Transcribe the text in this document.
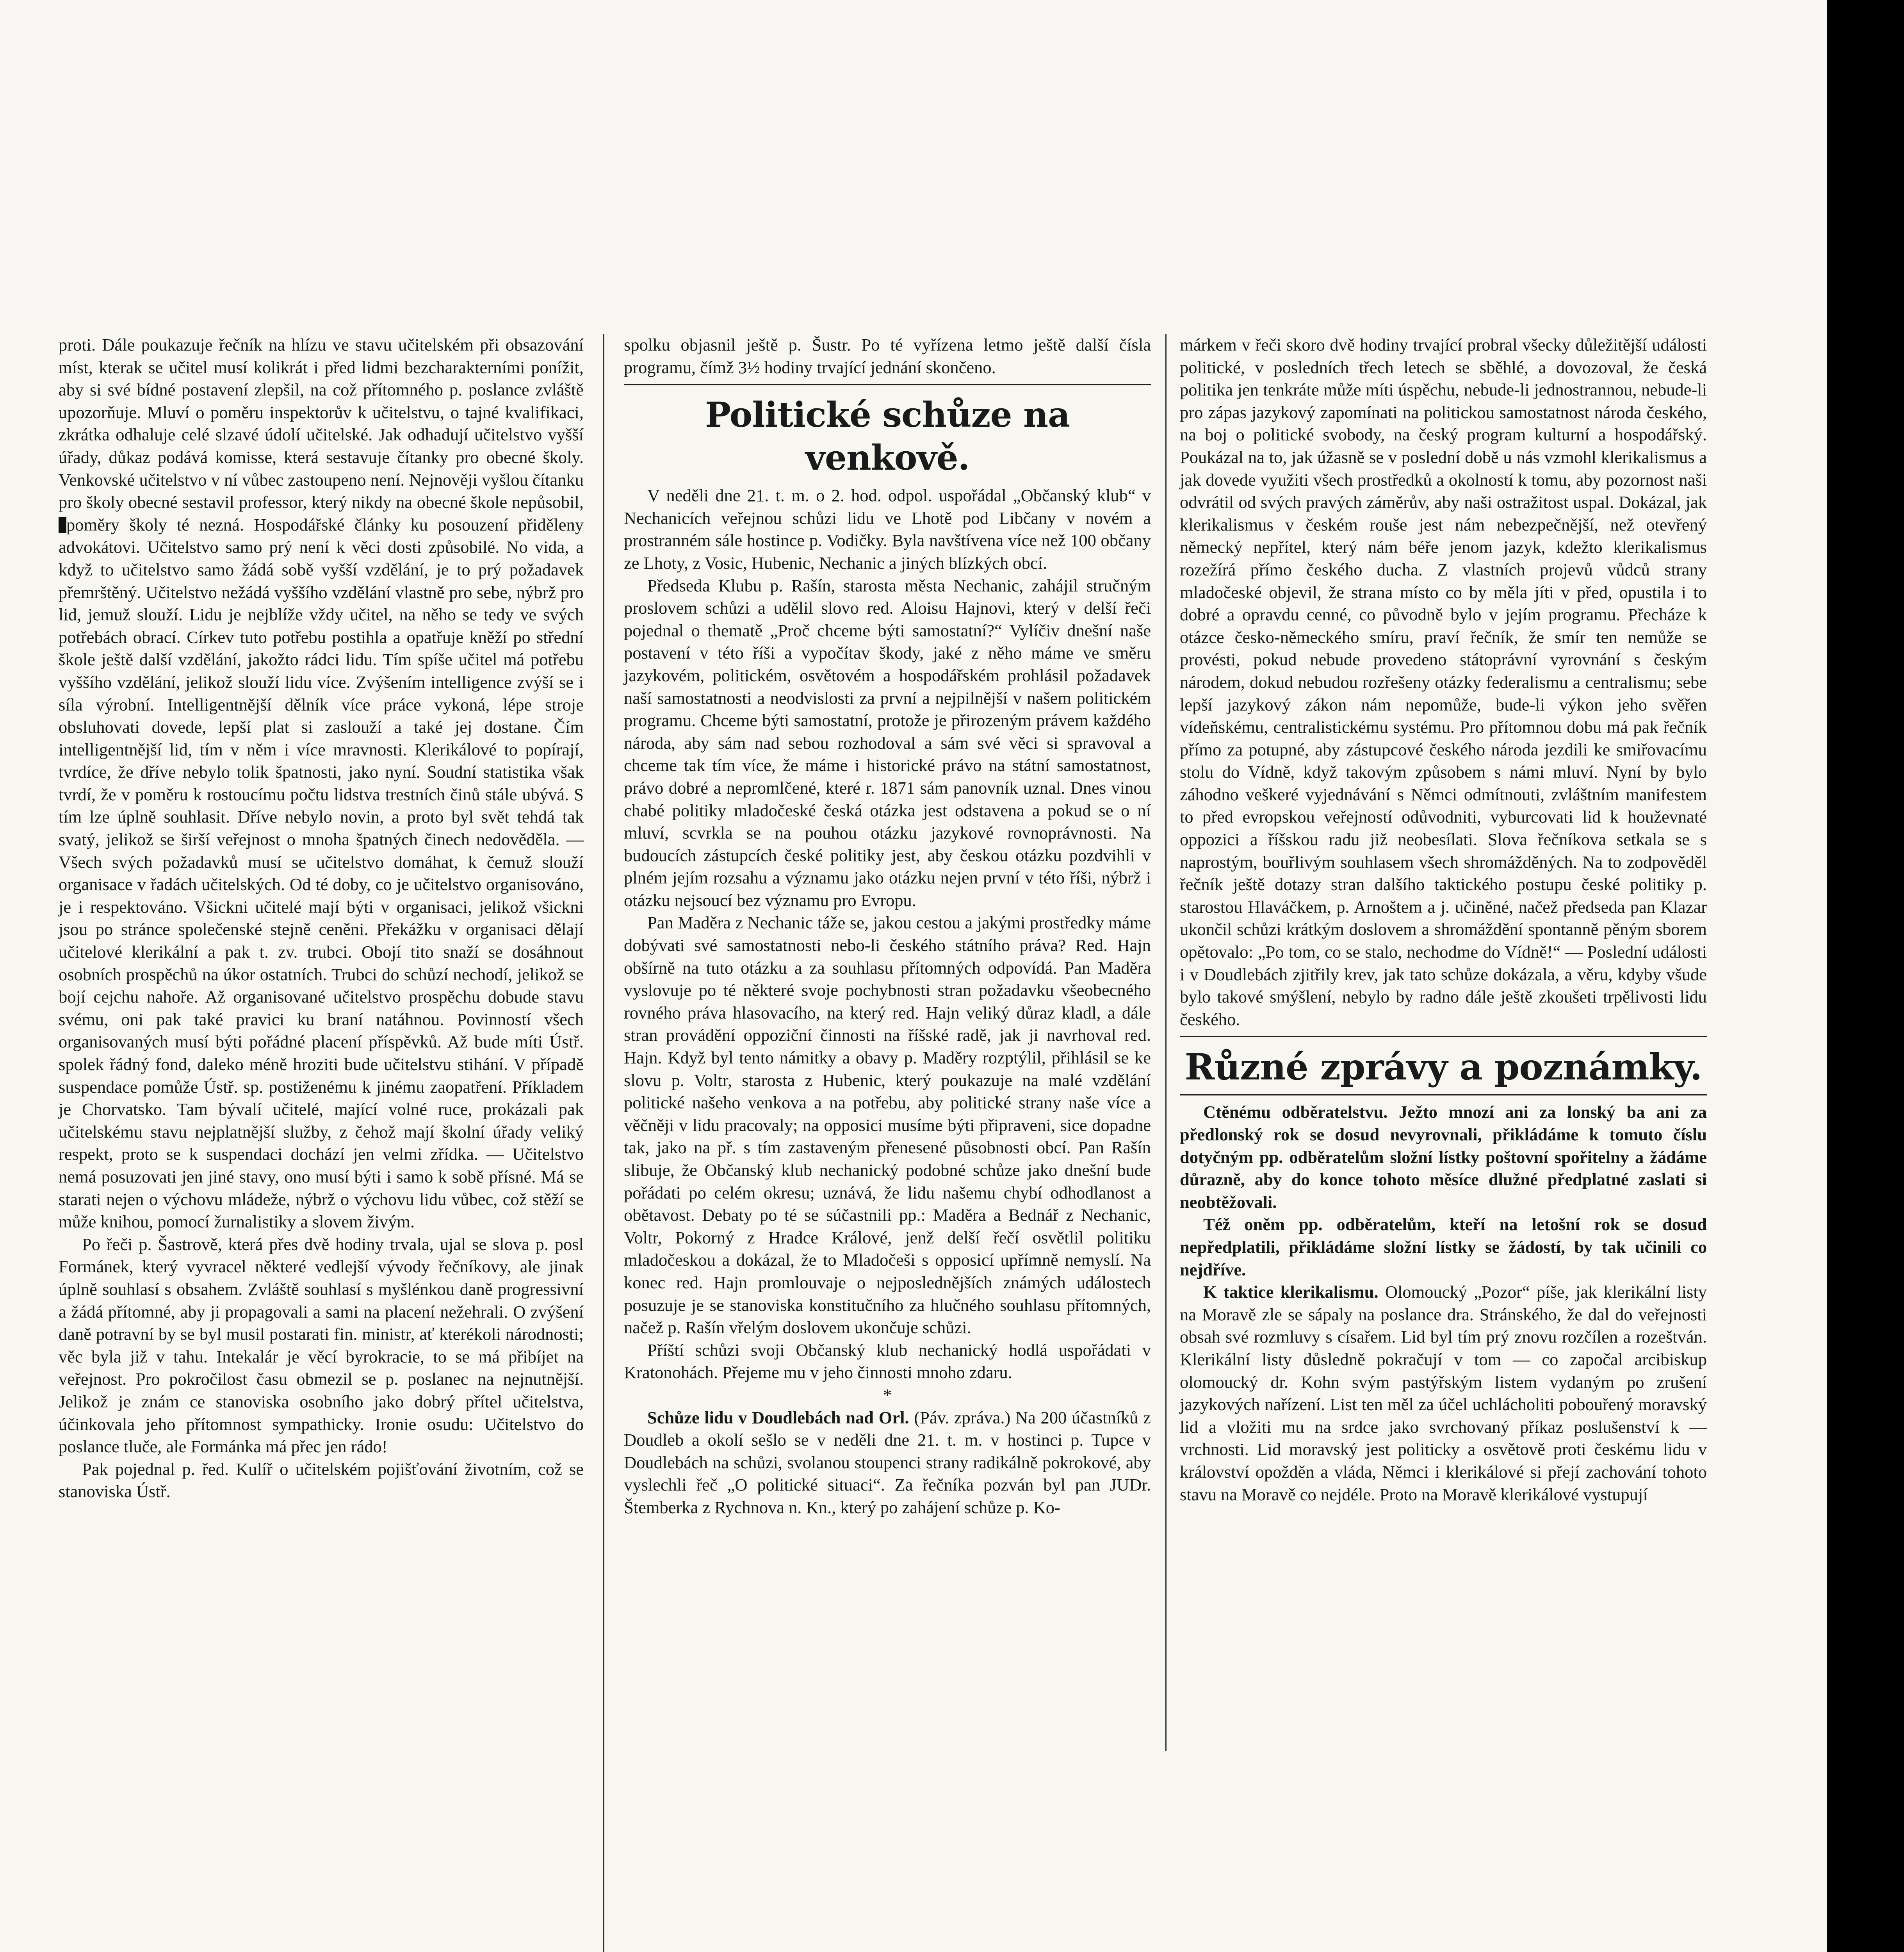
proti. Dále poukazuje řečník na hlízu ve stavu učitelském při obsazování míst, kterak se učitel musí kolikrát i před lidmi bezcharakterními ponížit, aby si své bídné postavení zlepšil, na což přítomného p. poslance zvláště upozorňuje. Mluví o poměru inspektorův k učitelstvu, o tajné kvalifikaci, zkrátka odhaluje celé slzavé údolí učitelské. Jak odhadují učitelstvo vyšší úřady, důkaz podává komisse, která sestavuje čítanky pro obecné školy. Venkovské učitelstvo v ní vůbec zastoupeno není. Nejnověji vyšlou čítanku pro školy obecné sestavil professor, který nikdy na obecné škole nepůsobil,poměry školy té nezná. Hospodářské články ku posouzení přiděleny advokátovi. Učitelstvo samo prý není k věci dosti způsobilé. No vida, a když to učitelstvo samo žádá sobě vyšší vzdělání, je to prý požadavek přemrštěný. Učitelstvo nežádá vyššího vzdělání vlastně pro sebe, nýbrž pro lid, jemuž slouží. Lidu je nejblíže vždy učitel, na něho se tedy ve svých potřebách obrací. Církev tuto potřebu postihla a opatřuje kněží po střední škole ještě další vzdělání, jakožto rádci lidu. Tím spíše učitel má potřebu vyššího vzdělání, jelikož slouží lidu více. Zvýšením intelligence zvýší se i síla výrobní. Intelligentnější dělník více práce vykoná, lépe stroje obsluhovati dovede, lepší plat si zaslouží a také jej dostane. Čím intelligentnější lid, tím v něm i více mravnosti. Klerikálové to popírají, tvrdíce, že dříve nebylo tolik špatnosti, jako nyní. Soudní statistika však tvrdí, že v poměru k rostoucímu počtu lidstva trestních činů stále ubývá. S tím lze úplně souhlasit. Dříve nebylo novin, a proto byl svět tehdá tak svatý, jelikož se širší veřejnost o mnoha špatných činech nedověděla. — Všech svých požadavků musí se učitelstvo domáhat, k čemuž slouží organisace v řadách učitelských. Od té doby, co je učitelstvo organisováno, je i respektováno. Všickni učitelé mají býti v organisaci, jelikož všickni jsou po stránce společenské stejně ceněni. Překážku v organisaci dělají učitelové klerikální a pak t. zv. trubci. Obojí tito snaží se dosáhnout osobních prospěchů na úkor ostatních. Trubci do schůzí nechodí, jelikož se bojí cejchu nahoře. Až organisované učitelstvo prospěchu dobude stavu svému, oni pak také pravici ku braní natáhnou. Povinností všech organisovaných musí býti pořádné placení příspěvků. Až bude míti Ústř. spolek řádný fond, daleko méně hroziti bude učitelstvu stihání. V případě suspendace pomůže Ústř. sp. postiženému k jinému zaopatření. Příkladem je Chorvatsko. Tam bývalí učitelé, mající volné ruce, prokázali pak učitelskému stavu nejplatnější služby, z čehož mají školní úřady veliký respekt, proto se k suspendaci dochází jen velmi zřídka. — Učitelstvo nemá posuzovati jen jiné stavy, ono musí býti i samo k sobě přísné. Má se starati nejen o výchovu mládeže, nýbrž o výchovu lidu vůbec, což stěží se může knihou, pomocí žurnalistiky a slovem živým.

Po řeči p. Šastrově, která přes dvě hodiny trvala, ujal se slova p. posl Formánek, který vyvracel některé vedlejší vývody řečníkovy, ale jinak úplně souhlasí s obsahem. Zvláště souhlasí s myšlénkou daně progressivní a žádá přítomné, aby ji propagovali a sami na placení nežehrali. O zvýšení daně potravní by se byl musil postarati fin. ministr, ať kterékoli národnosti; věc byla již v tahu. Intekalár je věcí byrokracie, to se má přibíjet na veřejnost. Pro pokročilost času obmezil se p. poslanec na nejnutnější. Jelikož je znám ce stanoviska osobního jako dobrý přítel učitelstva, účinkovala jeho přítomnost sympathicky. Ironie osudu: Učitelstvo do poslance tluče, ale Formánka má přec jen rádo!

Pak pojednal p. řed. Kulíř o učitelském pojišťování životním, což se stanoviska Ústř.

spolku objasnil ještě p. Šustr. Po té vyřízena letmo ještě další čísla programu, čímž 3½ hodiny trvající jednání skončeno.

Politické schůze na venkově.

V neděli dne 21. t. m. o 2. hod. odpol. uspořádal „Občanský klub“ v Nechanicích veřejnou schůzi lidu ve Lhotě pod Libčany v novém a prostranném sále hostince p. Vodičky. Byla navštívena více než 100 občany ze Lhoty, z Vosic, Hubenic, Nechanic a jiných blízkých obcí.

Předseda Klubu p. Rašín, starosta města Nechanic, zahájil stručným proslovem schůzi a udělil slovo red. Aloisu Hajnovi, který v delší řeči pojednal o thematě „Proč chceme býti samostatní?“ Vylíčiv dnešní naše postavení v této říši a vypočítav škody, jaké z něho máme ve směru jazykovém, politickém, osvětovém a hospodářském prohlásil požadavek naší samostatnosti a neodvislosti za první a nejpilnější v našem politickém programu. Chceme býti samostatní, protože je přirozeným právem každého národa, aby sám nad sebou rozhodoval a sám své věci si spravoval a chceme tak tím více, že máme i historické právo na státní samostatnost, právo dobré a nepromlčené, které r. 1871 sám panovník uznal. Dnes vinou chabé politiky mladočeské česká otázka jest odstavena a pokud se o ní mluví, scvrkla se na pouhou otázku jazykové rovnoprávnosti. Na budoucích zástupcích české politiky jest, aby českou otázku pozdvihli v plném jejím rozsahu a významu jako otázku nejen první v této říši, nýbrž i otázku nejsoucí bez významu pro Evropu.

Pan Maděra z Nechanic táže se, jakou cestou a jakými prostředky máme dobývati své samostatnosti nebo-li českého státního práva? Red. Hajn obšírně na tuto otázku a za souhlasu přítomných odpovídá. Pan Maděra vyslovuje po té některé svoje pochybnosti stran požadavku všeobecného rovného práva hlasovacího, na který red. Hajn veliký důraz kladl, a dále stran provádění oppoziční činnosti na říšské radě, jak ji navrhoval red. Hajn. Když byl tento námitky a obavy p. Maděry rozptýlil, přihlásil se ke slovu p. Voltr, starosta z Hubenic, který poukazuje na malé vzdělání politické našeho venkova a na potřebu, aby politické strany naše více a věčněji v lidu pracovaly; na opposici musíme býti připraveni, sice dopadne tak, jako na př. s tím zastaveným přenesené působnosti obcí. Pan Rašín slibuje, že Občanský klub nechanický podobné schůze jako dnešní bude pořádati po celém okresu; uznává, že lidu našemu chybí odhodlanost a obětavost. Debaty po té se súčastnili pp.: Maděra a Bednář z Nechanic, Voltr, Pokorný z Hradce Králové, jenž delší řečí osvětlil politiku mladočeskou a dokázal, že to Mladočeši s opposicí upřímně nemyslí. Na konec red. Hajn promlouvaje o nejposlednějších známých událostech posuzuje je se stanoviska konstitučního za hlučného souhlasu přítomných, načež p. Rašín vřelým doslovem ukončuje schůzi.

Příští schůzi svoji Občanský klub nechanický hodlá uspořádati v Kratonohách. Přejeme mu v jeho činnosti mnoho zdaru.

*

Schůze lidu v Doudlebách nad Orl. (Páv. zpráva.) Na 200 účastníků z Doudleb a okolí sešlo se v neděli dne 21. t. m. v hostinci p. Tupce v Doudlebách na schůzi, svolanou stoupenci strany radikálně pokrokové, aby vyslechli řeč „O politické situaci“. Za řečníka pozván byl pan JUDr. Štemberka z Rychnova n. Kn., který po zahájení schůze p. Ko-

márkem v řeči skoro dvě hodiny trvající probral všecky důležitější události politické, v posledních třech letech se sběhlé, a dovozoval, že česká politika jen tenkráte může míti úspěchu, nebude-li jednostrannou, nebude-li pro zápas jazykový zapomínati na politickou samostatnost národa českého, na boj o politické svobody, na český program kulturní a hospodářský. Poukázal na to, jak úžasně se v poslední době u nás vzmohl klerikalismus a jak dovede využiti všech prostředků a okolností k tomu, aby pozornost naši odvrátil od svých pravých záměrův, aby naši ostražitost uspal. Dokázal, jak klerikalismus v českém rouše jest nám nebezpečnější, než otevřený německý nepřítel, který nám béře jenom jazyk, kdežto klerikalismus rozežírá přímo českého ducha. Z vlastních projevů vůdců strany mladočeské objevil, že strana místo co by měla jíti v před, opustila i to dobré a opravdu cenné, co původně bylo v jejím programu. Přecháze k otázce česko-německého smíru, praví řečník, že smír ten nemůže se provésti, pokud nebude provedeno státoprávní vyrovnání s českým národem, dokud nebudou rozřešeny otázky federalismu a centralismu; sebe lepší jazykový zákon nám nepomůže, bude-li výkon jeho svěřen vídeňskému, centralistickému systému. Pro přítomnou dobu má pak řečník přímo za potupné, aby zástupcové českého národa jezdili ke smiřovacímu stolu do Vídně, když takovým způsobem s námi mluví. Nyní by bylo záhodno veškeré vyjednávání s Němci odmítnouti, zvláštním manifestem to před evropskou veřejností odůvodniti, vyburcovati lid k houževnaté oppozici a říšskou radu již neobesílati. Slova řečníkova setkala se s naprostým, bouřlivým souhlasem všech shromážděných. Na to zodpověděl řečník ještě dotazy stran dalšího taktického postupu české politiky p. starostou Hlaváčkem, p. Arnoštem a j. učiněné, načež předseda pan Klazar ukončil schůzi krátkým doslovem a shromáždění spontanně pěným sborem opětovalo: „Po tom, co se stalo, nechodme do Vídně!“ — Poslední události i v Doudlebách zjitřily krev, jak tato schůze dokázala, a věru, kdyby všude bylo takové smýšlení, nebylo by radno dále ještě zkoušeti trpělivosti lidu českého.

Různé zprávy a poznámky.

Ctěnému odběratelstvu. Ježto mnozí ani za lonský ba ani za předlonský rok se dosud nevyrovnali, přikládáme k tomuto číslu dotyčným pp. odběratelům složní lístky poštovní spořitelny a žádáme důrazně, aby do konce tohoto měsíce dlužné předplatné zaslati si neobtěžovali.

Též oněm pp. odběratelům, kteří na letošní rok se dosud nepředplatili, přikládáme složní lístky se žádostí, by tak učinili co nejdříve.

K taktice klerikalismu. Olomoucký „Pozor“ píše, jak klerikální listy na Moravě zle se sápaly na poslance dra. Stránského, že dal do veřejnosti obsah své rozmluvy s císařem. Lid byl tím prý znovu rozčílen a rozeštván. Klerikální listy důsledně pokračují v tom — co započal arcibiskup olomoucký dr. Kohn svým pastýřským listem vydaným po zrušení jazykových nařízení. List ten měl za účel uchlácholiti pobouřený moravský lid a vložiti mu na srdce jako svrchovaný příkaz poslušenství k — vrchnosti. Lid moravský jest politicky a osvětově proti českému lidu v království opožděn a vláda, Němci i klerikálové si přejí zachování tohoto stavu na Moravě co nejdéle. Proto na Moravě klerikálové vystupují
